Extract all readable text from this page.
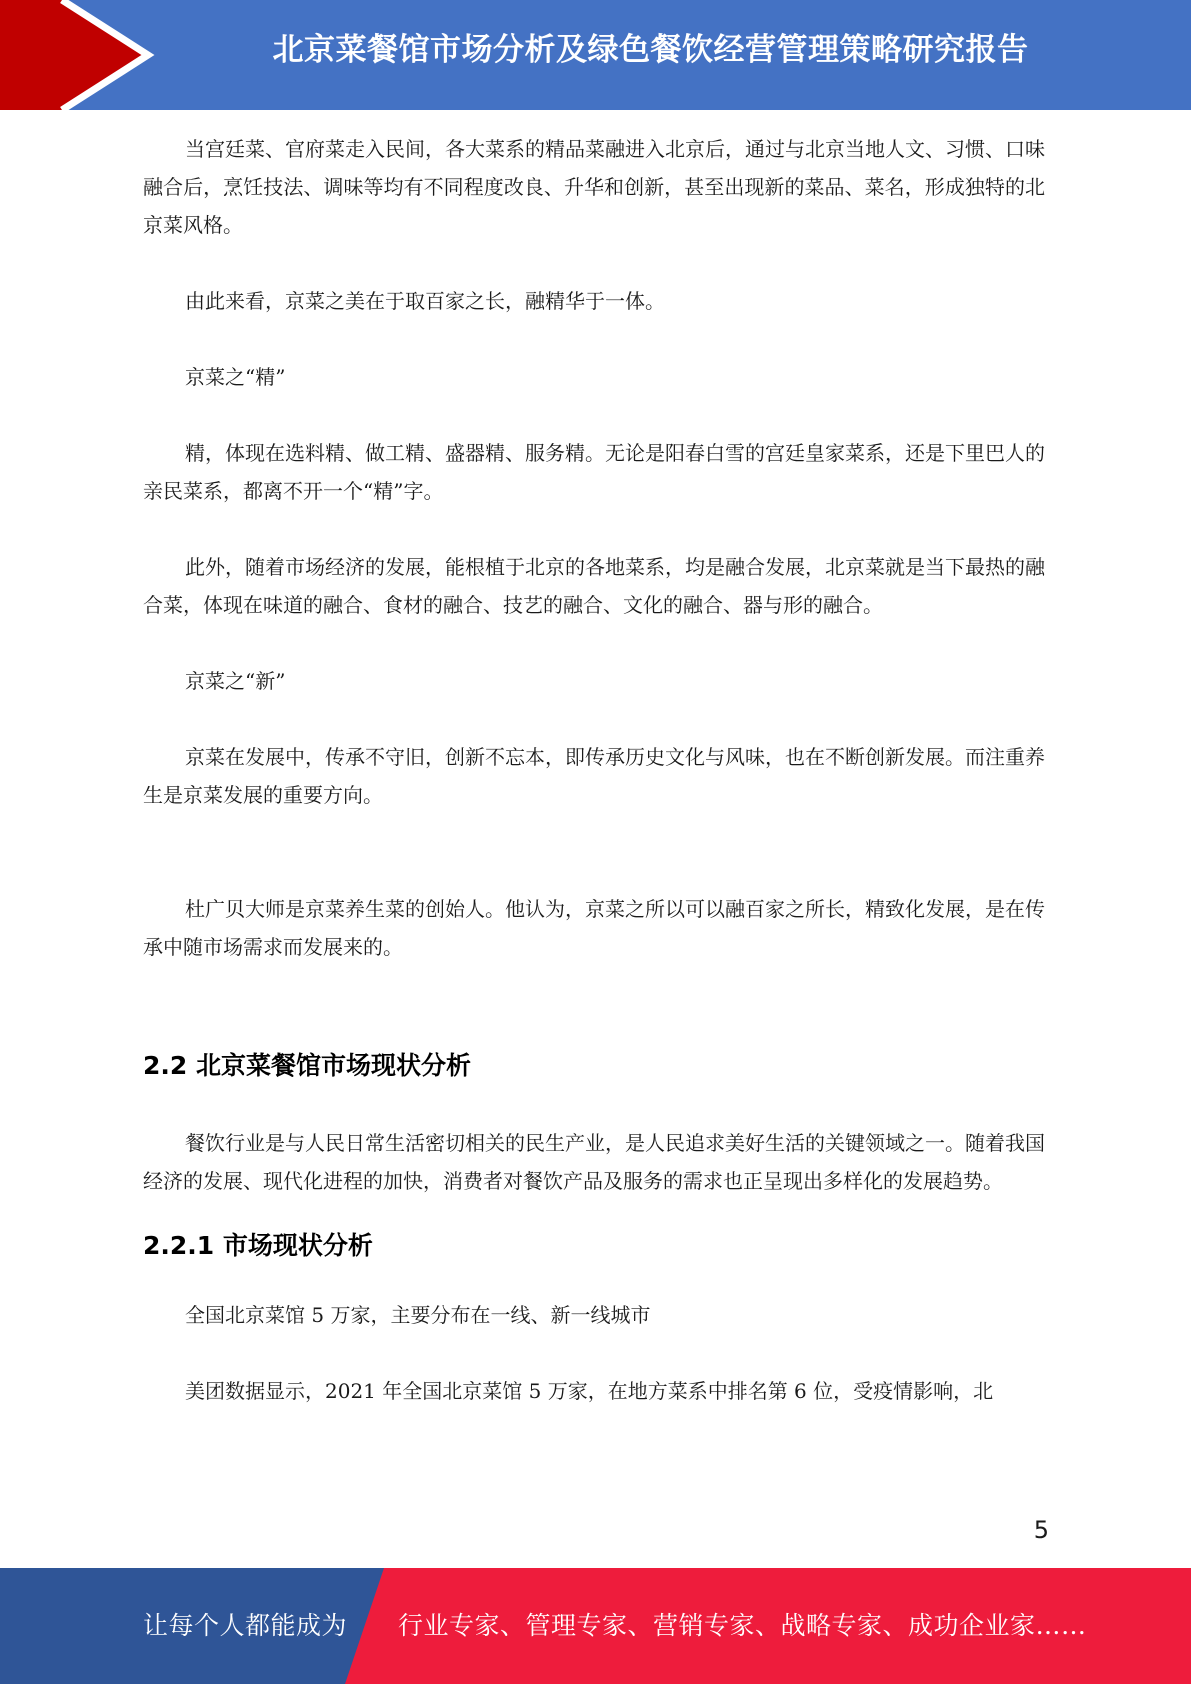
北京菜餐馆市场分析及绿色餐饮经营管理策略研究报告

当宫廷菜、官府菜走入民间，各大菜系的精品菜融进入北京后，通过与北京当地人文、习惯、口味融合后，烹饪技法、调味等均有不同程度改良、升华和创新，甚至出现新的菜品、菜名，形成独特的北京菜风格。

由此来看，京菜之美在于取百家之长，融精华于一体。

京菜之“精”

精，体现在选料精、做工精、盛器精、服务精。无论是阳春白雪的宫廷皇家菜系，还是下里巴人的亲民菜系，都离不开一个“精”字。

此外，随着市场经济的发展，能根植于北京的各地菜系，均是融合发展，北京菜就是当下最热的融合菜，体现在味道的融合、食材的融合、技艺的融合、文化的融合、器与形的融合。

京菜之“新”

京菜在发展中，传承不守旧，创新不忘本，即传承历史文化与风味，也在不断创新发展。而注重养生是京菜发展的重要方向。

杜广贝大师是京菜养生菜的创始人。他认为，京菜之所以可以融百家之所长，精致化发展，是在传承中随市场需求而发展来的。

2.2 北京菜餐馆市场现状分析

餐饮行业是与人民日常生活密切相关的民生产业，是人民追求美好生活的关键领域之一。随着我国经济的发展、现代化进程的加快，消费者对餐饮产品及服务的需求也正呈现出多样化的发展趋势。

2.2.1 市场现状分析

全国北京菜馆 5 万家，主要分布在一线、新一线城市

美团数据显示，2021 年全国北京菜馆 5 万家，在地方菜系中排名第 6 位，受疫情影响，北

5
让每个人都能成为 行业专家、管理专家、营销专家、战略专家、成功企业家……
